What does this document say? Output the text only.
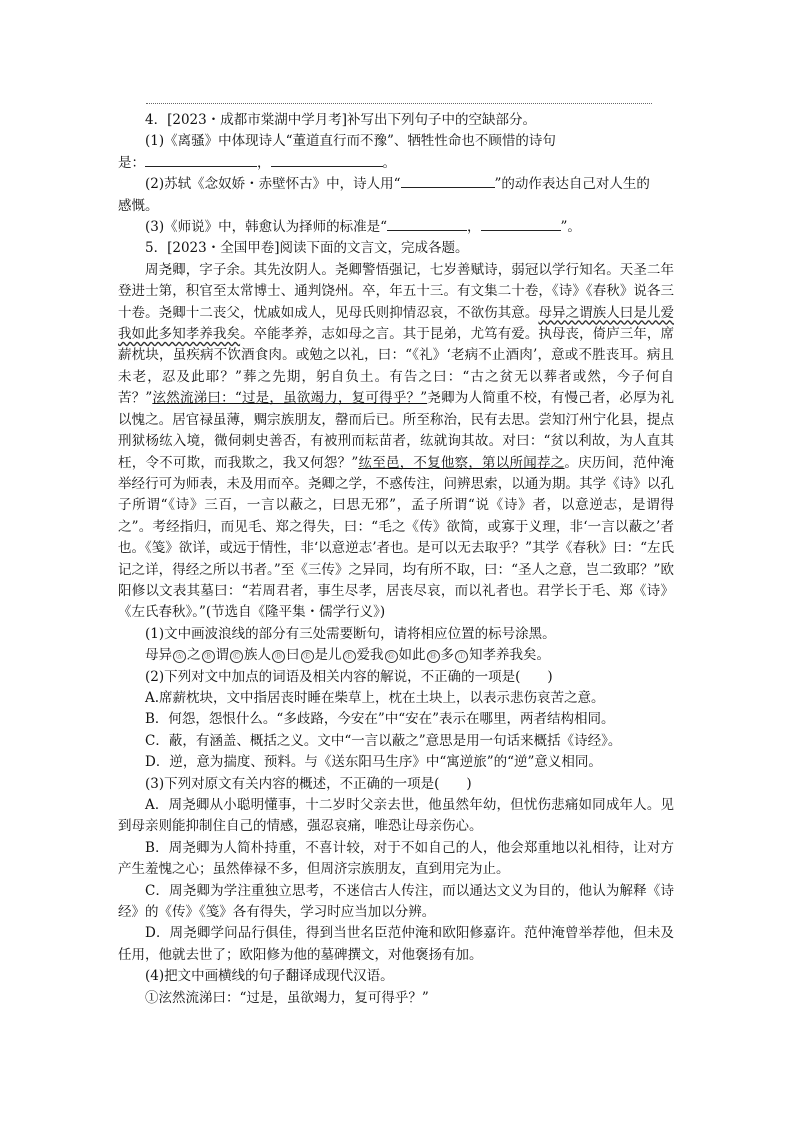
4．[2023・成都市棠湖中学月考]补写出下列句子中的空缺部分。

(1)《离骚》中体现诗人“董道直行而不豫”、牺牲性命也不顾惜的诗句

是：	，	。

(2)苏轼《念奴娇・赤壁怀古》中，诗人用“	”的动作表达自己对人生的

感慨。

(3)《师说》中，韩愈认为择师的标准是“	，	”。

5．[2023・全国甲卷]阅读下面的文言文，完成各题。

周尧卿，字子余。其先汝阴人。尧卿警悟强记，七岁善赋诗，弱冠以学行知名。天圣二年登进士第，积官至太常博士、通判饶州。卒，年五十三。有文集二十卷，《诗》《春秋》说各三十卷。尧卿十二丧父，忧戚如成人，见母氏则抑情忍哀，不欲伤其意。母异之谓族人曰是儿爱我如此多知孝养我矣。卒能孝养，志如母之言。其于昆弟，尤笃有爱。执母丧，倚庐三年，席薪枕块，虽疾病不饮酒食肉。或勉之以礼，曰：“《礼》‘老病不止酒肉’，意或不胜丧耳。病且未老，忍及此耶？”葬之先期，躬自负土。有告之曰：“古之贫无以葬者或然，今子何自苦？”泫然流涕曰：“过是，虽欲竭力，复可得乎？”尧卿为人简重不校，有慢己者，必厚为礼以愧之。居官禄虽薄，赒宗族朋友，罄而后已。所至称治，民有去思。尝知汀州宁化县，提点刑狱杨纮入境，微伺刺史善否，有被刑而耘苗者，纮就询其故。对曰：“贫以利故，为人直其枉，令不可欺，而我欺之，我又何怨？”纮至邑，不复他察，第以所闻荐之。庆历间，范仲淹举经行可为师表，未及用而卒。尧卿之学，不惑传注，问辨思索，以通为期。其学《诗》以孔子所谓“《诗》三百，一言以蔽之，曰思无邪”，孟子所谓“说《诗》者，以意逆志，是谓得之”。考经指归，而见毛、郑之得失，曰：“毛之《传》欲简，或寡于义理，非‘一言以蔽之’者也。《笺》欲详，或远于情性，非‘以意逆志’者也。是可以无去取乎？”其学《春秋》曰：“左氏记之详，得经之所以书者。”至《三传》之异同，均有所不取，曰：“圣人之意，岂二致耶？”欧阳修以文表其墓曰：“若周君者，事生尽孝，居丧尽哀，而以礼者也。君学长于毛、郑《诗》《左氏春秋》。”(节选自《隆平集・儒学行义》)

(1)文中画波浪线的部分有三处需要断句，请将相应位置的标号涂黑。

母异 Ⓐ 之 Ⓑ 谓 Ⓒ 族人 Ⓓ 曰 Ⓔ 是儿 Ⓕ 爱我 Ⓖ 如此 Ⓗ 多 Ⓘ 知孝养我矣。

(2)下列对文中加点的词语及相关内容的解说，不正确的一项是(　　)

A.席薪枕块，文中指居丧时睡在柴草上，枕在土块上，以表示悲伤哀苦之意。

B．何怨，怨恨什么。“多歧路，今安在”中“安在”表示在哪里，两者结构相同。

C．蔽，有涵盖、概括之义。文中“一言以蔽之”意思是用一句话来概括《诗经》。

D．逆，意为揣度、预料。与《送东阳马生序》中“寓逆旅”的“逆”意义相同。

(3)下列对原文有关内容的概述，不正确的一项是(　　)

A．周尧卿从小聪明懂事，十二岁时父亲去世，他虽然年幼，但忧伤悲痛如同成年人。见到母亲则能抑制住自己的情感，强忍哀痛，唯恐让母亲伤心。

B．周尧卿为人简朴持重，不喜计较，对于不如自己的人，他会郑重地以礼相待，让对方产生羞愧之心；虽然俸禄不多，但周济宗族朋友，直到用完为止。

C．周尧卿为学注重独立思考，不迷信古人传注，而以通达文义为目的，他认为解释《诗经》的《传》《笺》各有得失，学习时应当加以分辨。

D．周尧卿学问品行俱佳，得到当世名臣范仲淹和欧阳修嘉许。范仲淹曾举荐他，但未及任用，他就去世了；欧阳修为他的墓碑撰文，对他褒扬有加。

(4)把文中画横线的句子翻译成现代汉语。

①泫然流涕曰：“过是，虽欲竭力，复可得乎？”
